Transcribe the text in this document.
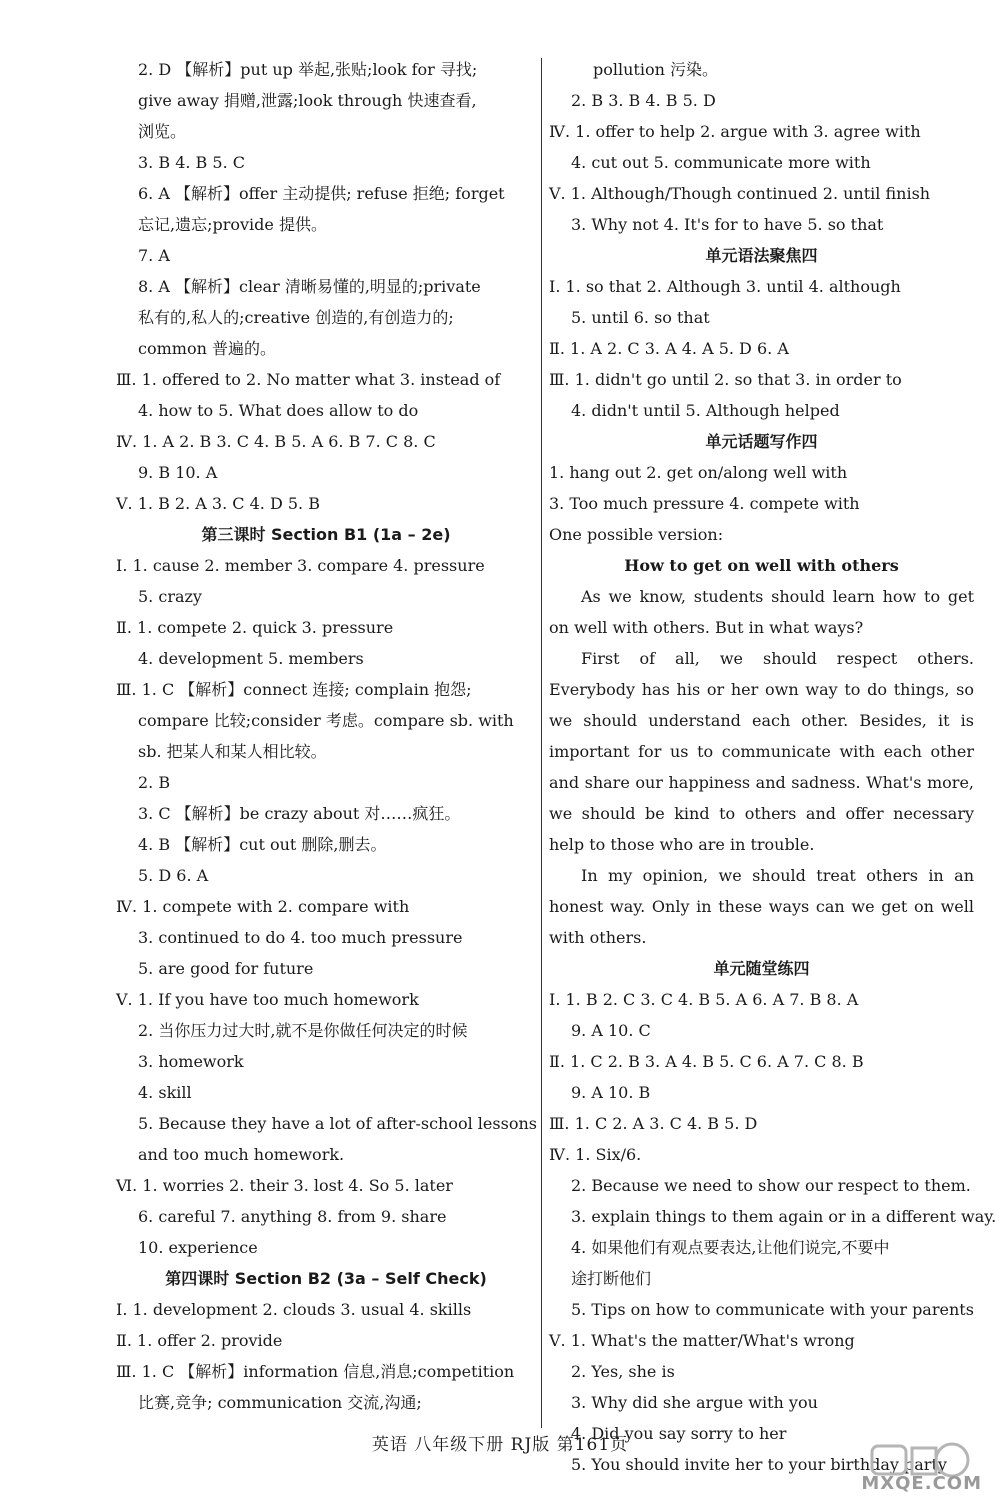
2. D 【解析】put up 举起,张贴;look for 寻找;
give away 捐赠,泄露;look through 快速查看,
浏览。
3. B 4. B 5. C
6. A 【解析】offer 主动提供; refuse 拒绝; forget
忘记,遗忘;provide 提供。
7. A
8. A 【解析】clear 清晰易懂的,明显的;private
私有的,私人的;creative 创造的,有创造力的;
common 普遍的。
Ⅲ. 1. offered to 2. No matter what 3. instead of
4. how to 5. What does allow to do
Ⅳ. 1. A 2. B 3. C 4. B 5. A 6. B 7. C 8. C
9. B 10. A
Ⅴ. 1. B 2. A 3. C 4. D 5. B
第三课时 Section B1 (1a – 2e)
Ⅰ. 1. cause 2. member 3. compare 4. pressure
5. crazy
Ⅱ. 1. compete 2. quick 3. pressure
4. development 5. members
Ⅲ. 1. C 【解析】connect 连接; complain 抱怨;
compare 比较;consider 考虑。compare sb. with
sb. 把某人和某人相比较。
2. B
3. C 【解析】be crazy about 对……疯狂。
4. B 【解析】cut out 删除,删去。
5. D 6. A
Ⅳ. 1. compete with 2. compare with
3. continued to do 4. too much pressure
5. are good for future
Ⅴ. 1. If you have too much homework
2. 当你压力过大时,就不是你做任何决定的时候
3. homework
4. skill
5. Because they have a lot of after-school lessons
and too much homework.
Ⅵ. 1. worries 2. their 3. lost 4. So 5. later
6. careful 7. anything 8. from 9. share
10. experience
第四课时 Section B2 (3a – Self Check)
Ⅰ. 1. development 2. clouds 3. usual 4. skills
Ⅱ. 1. offer 2. provide
Ⅲ. 1. C 【解析】information 信息,消息;competition
比赛,竞争; communication 交流,沟通;
pollution 污染。
2. B 3. B 4. B 5. D
Ⅳ. 1. offer to help 2. argue with 3. agree with
4. cut out 5. communicate more with
Ⅴ. 1. Although/Though continued 2. until finish
3. Why not 4. It's for to have 5. so that
单元语法聚焦四
Ⅰ. 1. so that 2. Although 3. until 4. although
5. until 6. so that
Ⅱ. 1. A 2. C 3. A 4. A 5. D 6. A
Ⅲ. 1. didn't go until 2. so that 3. in order to
4. didn't until 5. Although helped
单元话题写作四
1. hang out 2. get on/along well with
3. Too much pressure 4. compete with
One possible version:
How to get on well with others
As we know, students should learn how to get on well with others. But in what ways?
First of all, we should respect others. Everybody has his or her own way to do things, so we should understand each other. Besides, it is important for us to communicate with each other and share our happiness and sadness. What's more, we should be kind to others and offer necessary help to those who are in trouble.
In my opinion, we should treat others in an honest way. Only in these ways can we get on well with others.
单元随堂练四
Ⅰ. 1. B 2. C 3. C 4. B 5. A 6. A 7. B 8. A
9. A 10. C
Ⅱ. 1. C 2. B 3. A 4. B 5. C 6. A 7. C 8. B
9. A 10. B
Ⅲ. 1. C 2. A 3. C 4. B 5. D
Ⅳ. 1. Six/6.
2. Because we need to show our respect to them.
3. explain things to them again or in a different way.
4. 如果他们有观点要表达,让他们说完,不要中
途打断他们
5. Tips on how to communicate with your parents
Ⅴ. 1. What's the matter/What's wrong
2. Yes, she is
3. Why did she argue with you
4. Did you say sorry to her
5. You should invite her to your birthday party
英语 八年级下册 RJ版 第161页
MXQE.COM
